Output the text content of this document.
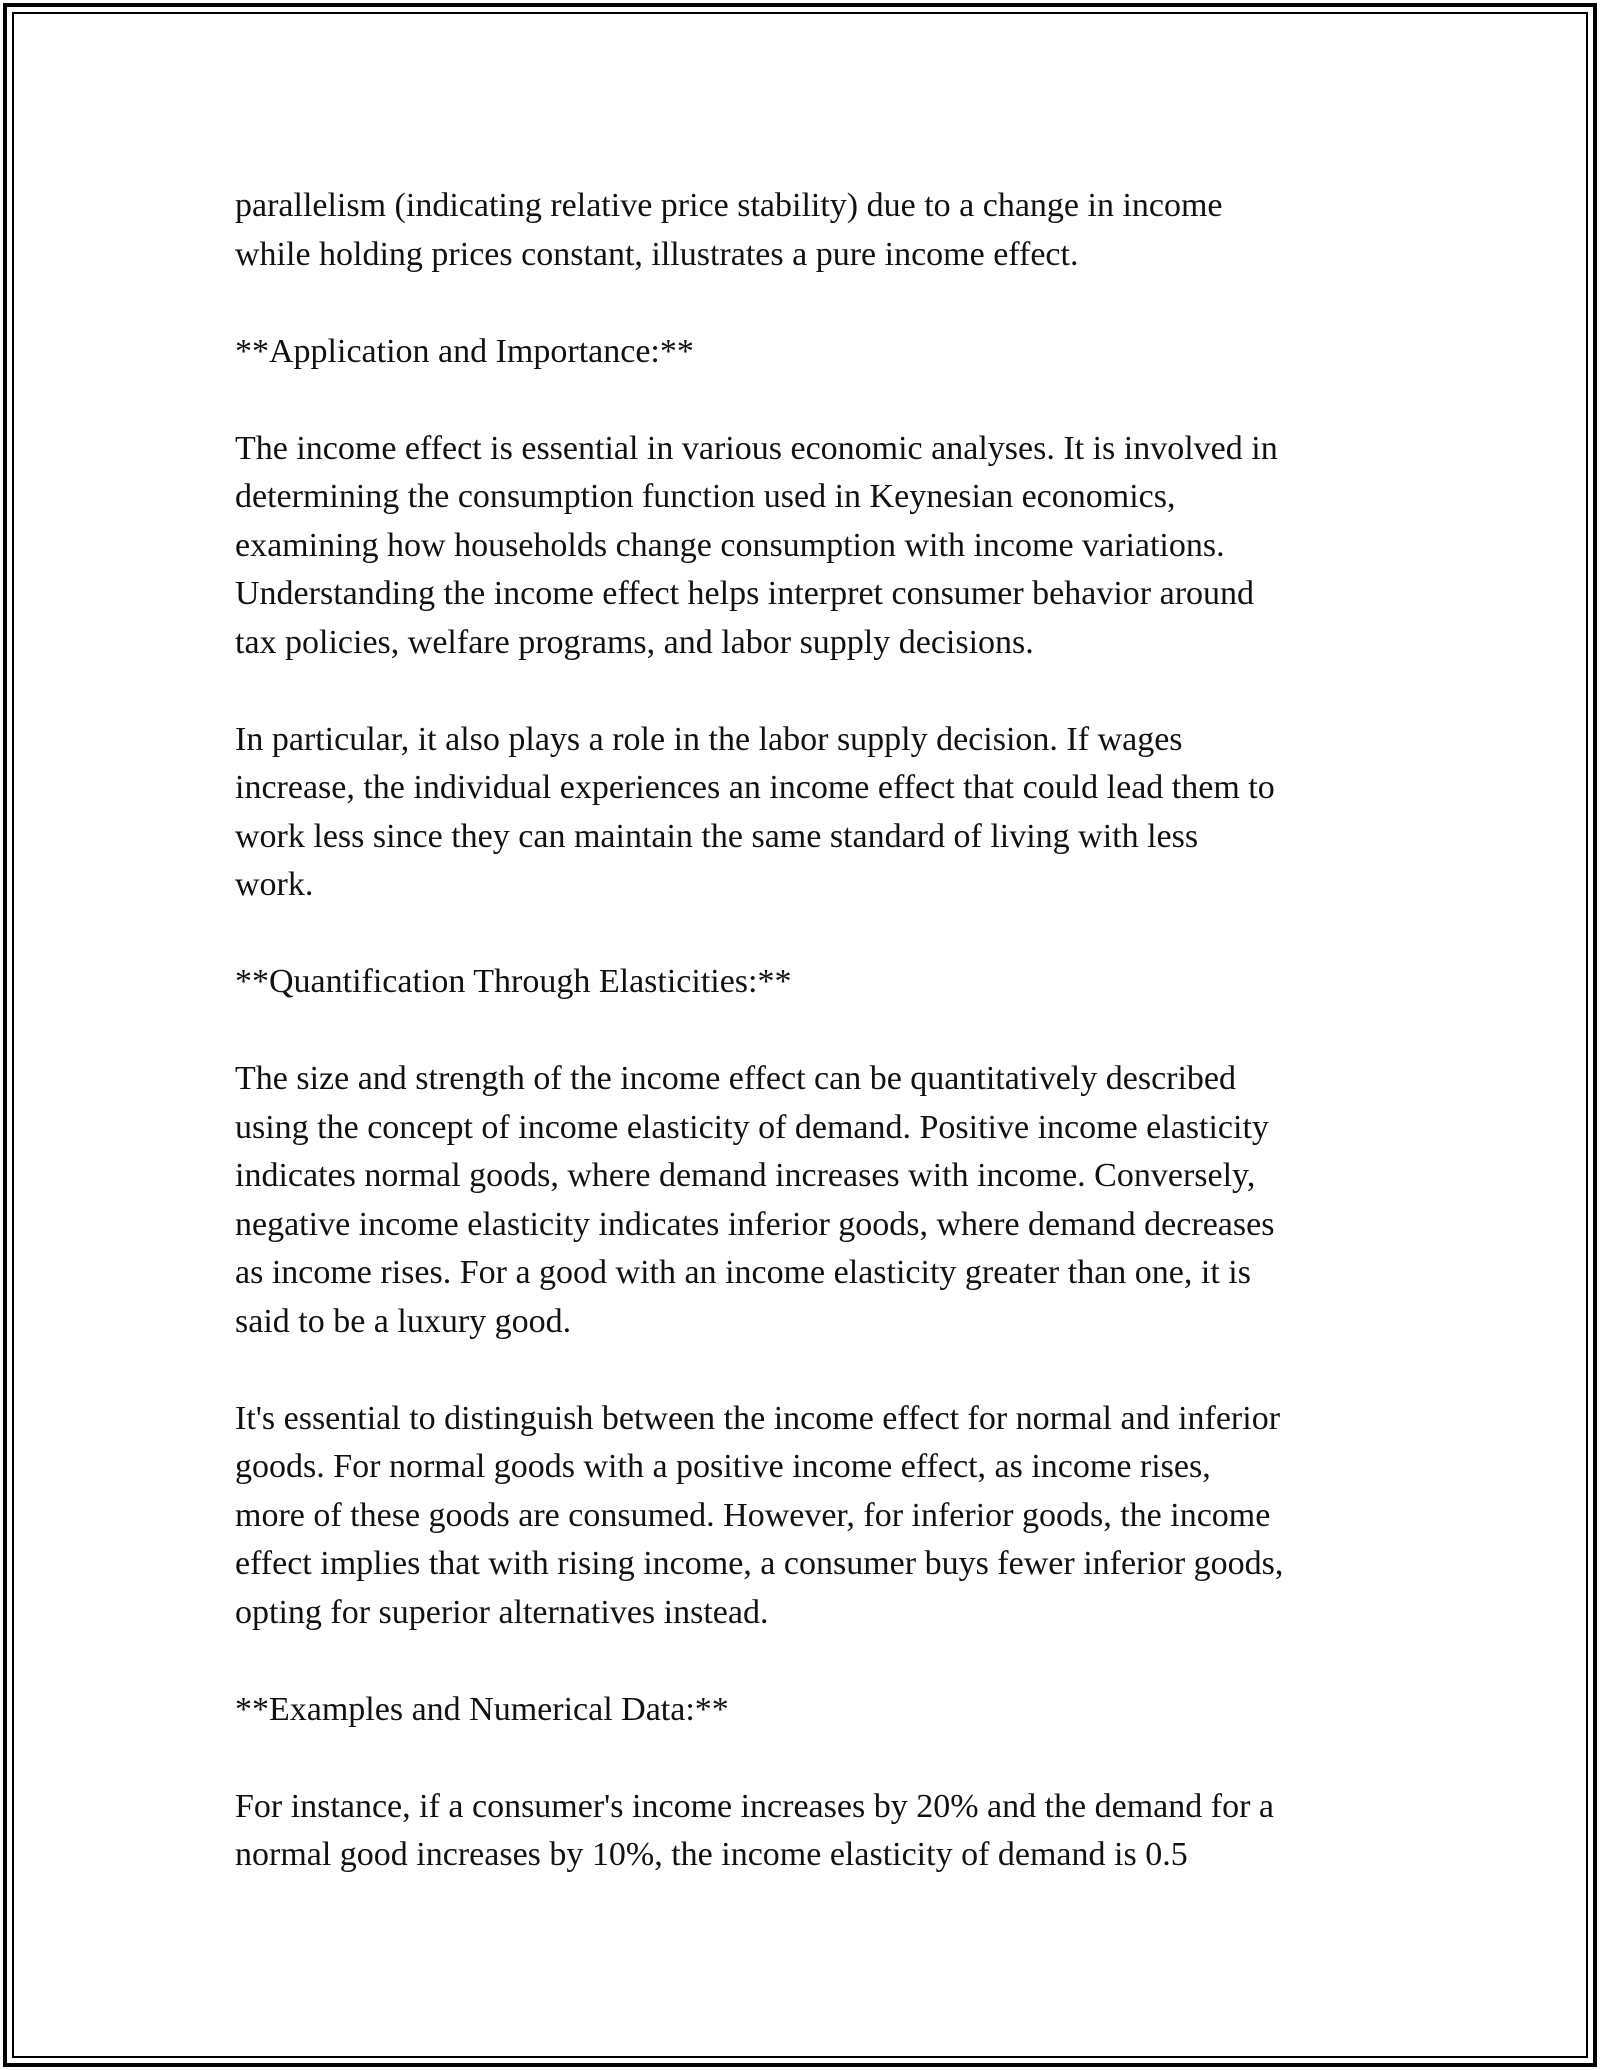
parallelism (indicating relative price stability) due to a change in income
while holding prices constant, illustrates a pure income effect.

**Application and Importance:**

The income effect is essential in various economic analyses. It is involved in
determining the consumption function used in Keynesian economics,
examining how households change consumption with income variations.
Understanding the income effect helps interpret consumer behavior around
tax policies, welfare programs, and labor supply decisions.

In particular, it also plays a role in the labor supply decision. If wages
increase, the individual experiences an income effect that could lead them to
work less since they can maintain the same standard of living with less
work.

**Quantification Through Elasticities:**

The size and strength of the income effect can be quantitatively described
using the concept of income elasticity of demand. Positive income elasticity
indicates normal goods, where demand increases with income. Conversely,
negative income elasticity indicates inferior goods, where demand decreases
as income rises. For a good with an income elasticity greater than one, it is
said to be a luxury good.

It's essential to distinguish between the income effect for normal and inferior
goods. For normal goods with a positive income effect, as income rises,
more of these goods are consumed. However, for inferior goods, the income
effect implies that with rising income, a consumer buys fewer inferior goods,
opting for superior alternatives instead.

**Examples and Numerical Data:**

For instance, if a consumer's income increases by 20% and the demand for a
normal good increases by 10%, the income elasticity of demand is 0.5
